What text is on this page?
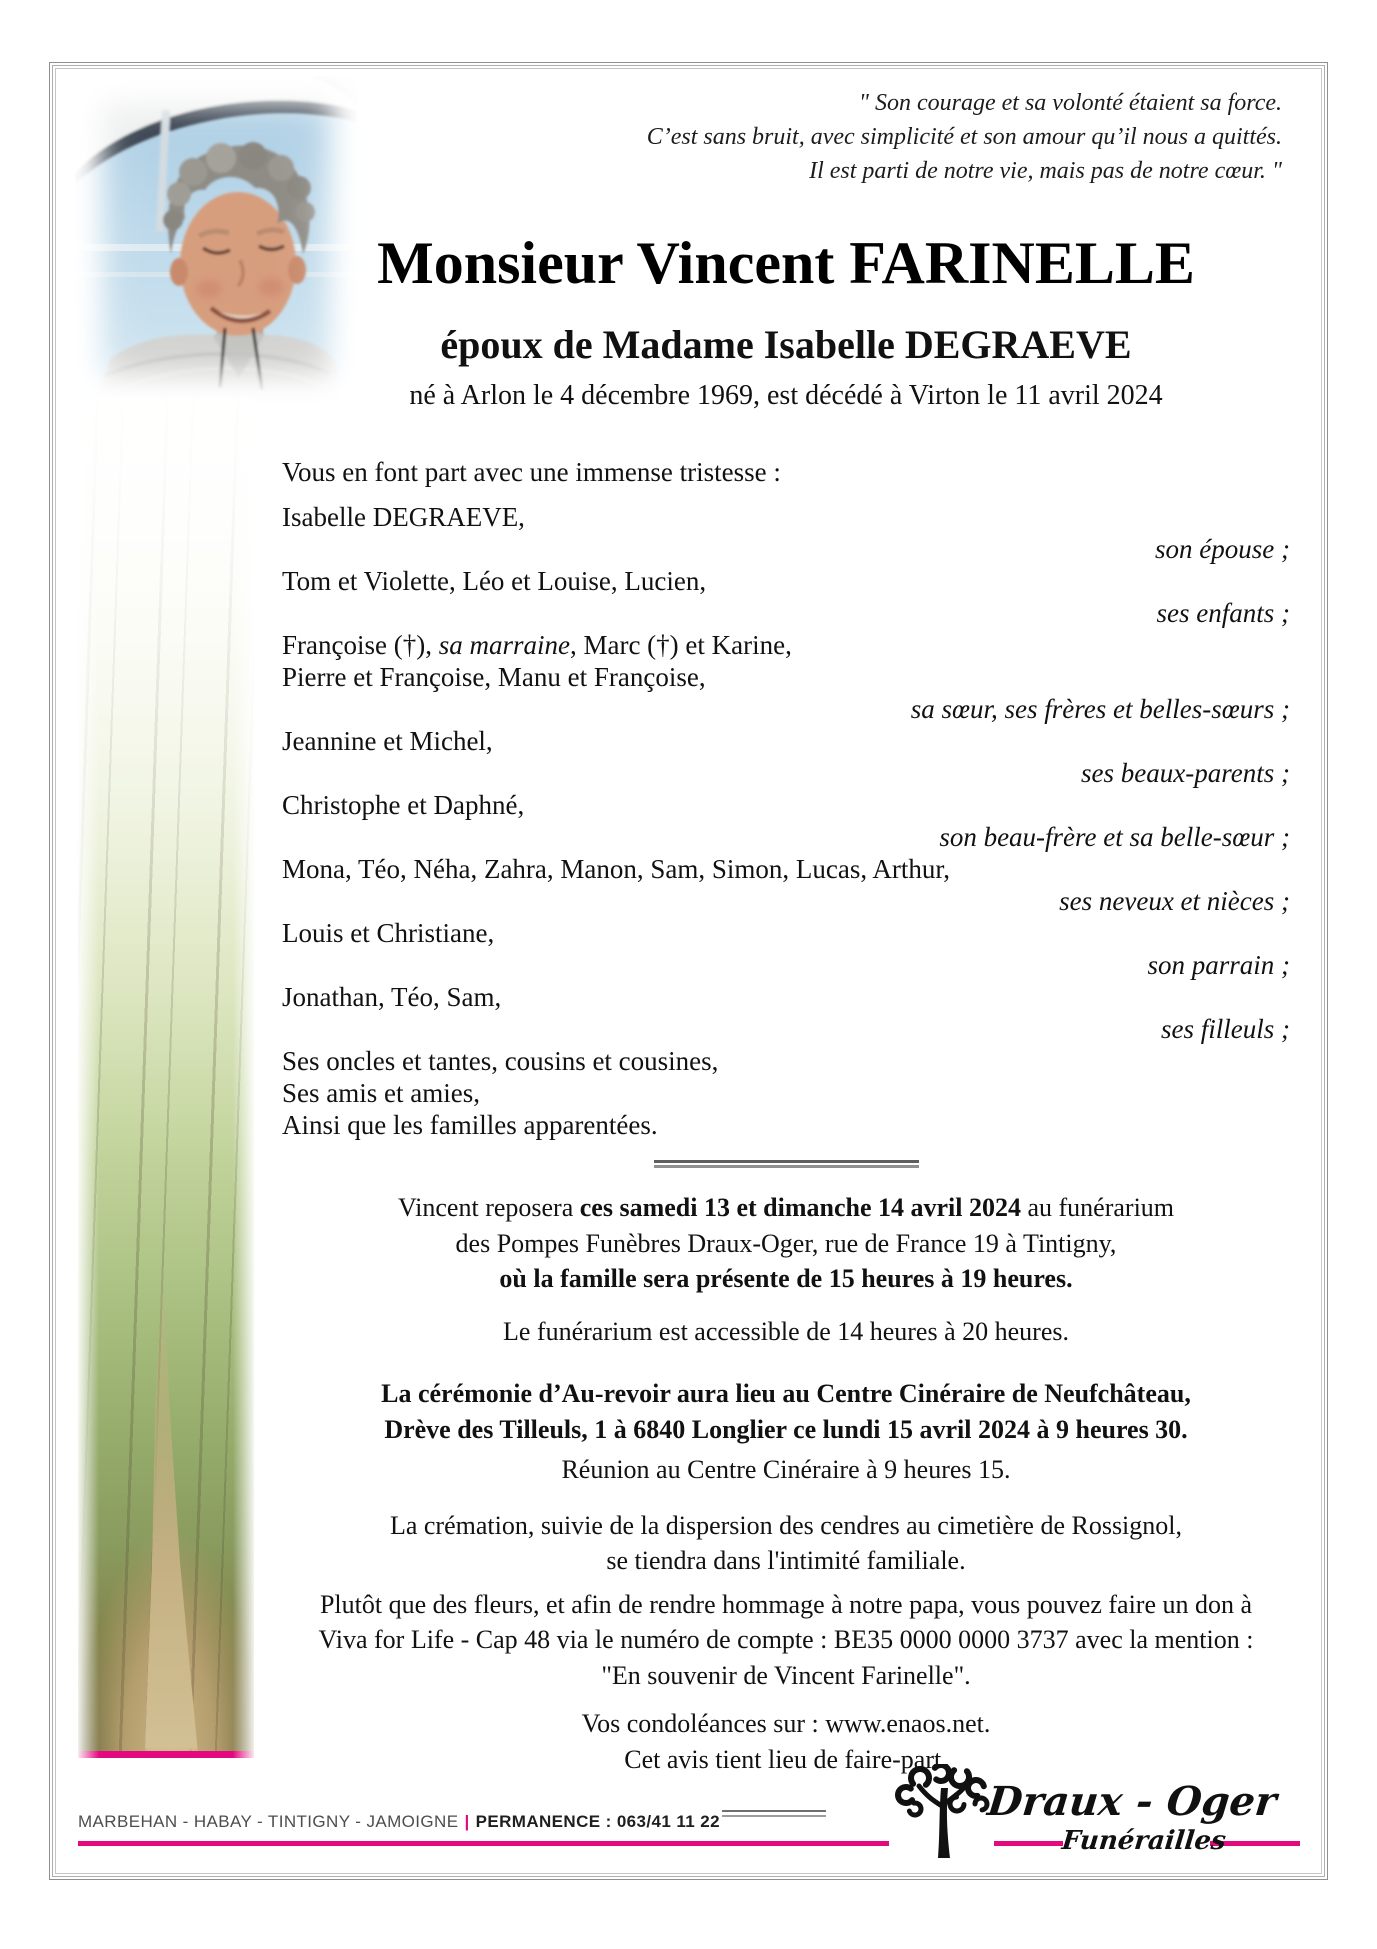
" Son courage et sa volonté étaient sa force.
C’est sans bruit, avec simplicité et son amour qu’il nous a quittés.
Il est parti de notre vie, mais pas de notre cœur. "
Monsieur Vincent FARINELLE
époux de Madame Isabelle DEGRAEVE
né à Arlon le 4 décembre 1969, est décédé à Virton le 11 avril 2024
Vous en font part avec une immense tristesse :
Isabelle DEGRAEVE,
son épouse ;
Tom et Violette, Léo et Louise, Lucien,
ses enfants ;
Françoise (†), sa marraine, Marc (†) et Karine,
Pierre et Françoise, Manu et Françoise,
sa sœur, ses frères et belles-sœurs ;
Jeannine et Michel,
ses beaux-parents ;
Christophe et Daphné,
son beau-frère et sa belle-sœur ;
Mona, Téo, Néha, Zahra, Manon, Sam, Simon, Lucas, Arthur,
ses neveux et nièces ;
Louis et Christiane,
son parrain ;
Jonathan, Téo, Sam,
ses filleuls ;
Ses oncles et tantes, cousins et cousines,
Ses amis et amies,
Ainsi que les familles apparentées.
Vincent reposera ces samedi 13 et dimanche 14 avril 2024 au funérarium
des Pompes Funèbres Draux-Oger, rue de France 19 à Tintigny,
où la famille sera présente de 15 heures à 19 heures.
Le funérarium est accessible de 14 heures à 20 heures.
La cérémonie d’Au-revoir aura lieu au Centre Cinéraire de Neufchâteau,
Drève des Tilleuls, 1 à 6840 Longlier ce lundi 15 avril 2024 à 9 heures 30.
Réunion au Centre Cinéraire à 9 heures 15.
La crémation, suivie de la dispersion des cendres au cimetière de Rossignol,
se tiendra dans l'intimité familiale.
Plutôt que des fleurs, et afin de rendre hommage à notre papa, vous pouvez faire un don à
Viva for Life - Cap 48 via le numéro de compte : BE35 0000 0000 3737 avec la mention :
"En souvenir de Vincent Farinelle".
Vos condoléances sur : www.enaos.net.
Cet avis tient lieu de faire-part.
MARBEHAN - HABAY - TINTIGNY - JAMOIGNE | PERMANENCE : 063/41 11 22	Draux - Oger
Funérailles
